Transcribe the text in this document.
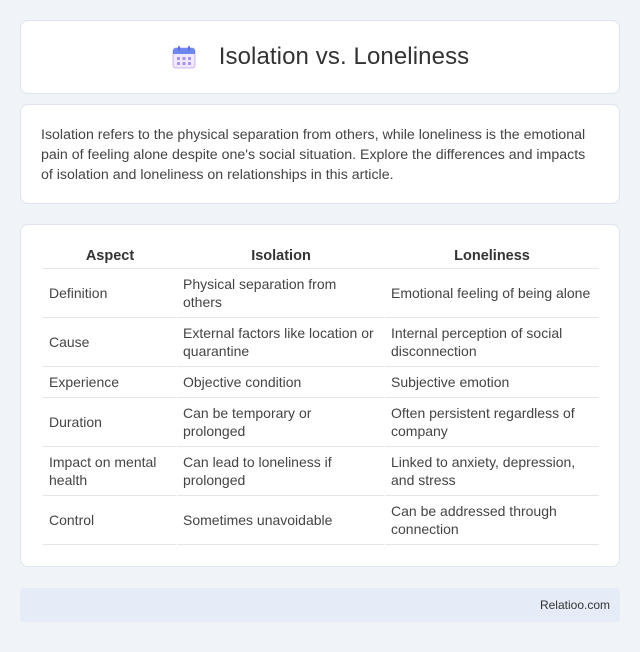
Isolation vs. Loneliness

Isolation refers to the physical separation from others, while loneliness is the emotional pain of feeling alone despite one's social situation. Explore the differences and impacts of isolation and loneliness on relationships in this article.

Aspect	Isolation	Loneliness
Definition	Physical separation from others	Emotional feeling of being alone
Cause	External factors like location or quarantine	Internal perception of social disconnection
Experience	Objective condition	Subjective emotion
Duration	Can be temporary or prolonged	Often persistent regardless of company
Impact on mental health	Can lead to loneliness if prolonged	Linked to anxiety, depression, and stress
Control	Sometimes unavoidable	Can be addressed through connection
Relatioo.com
